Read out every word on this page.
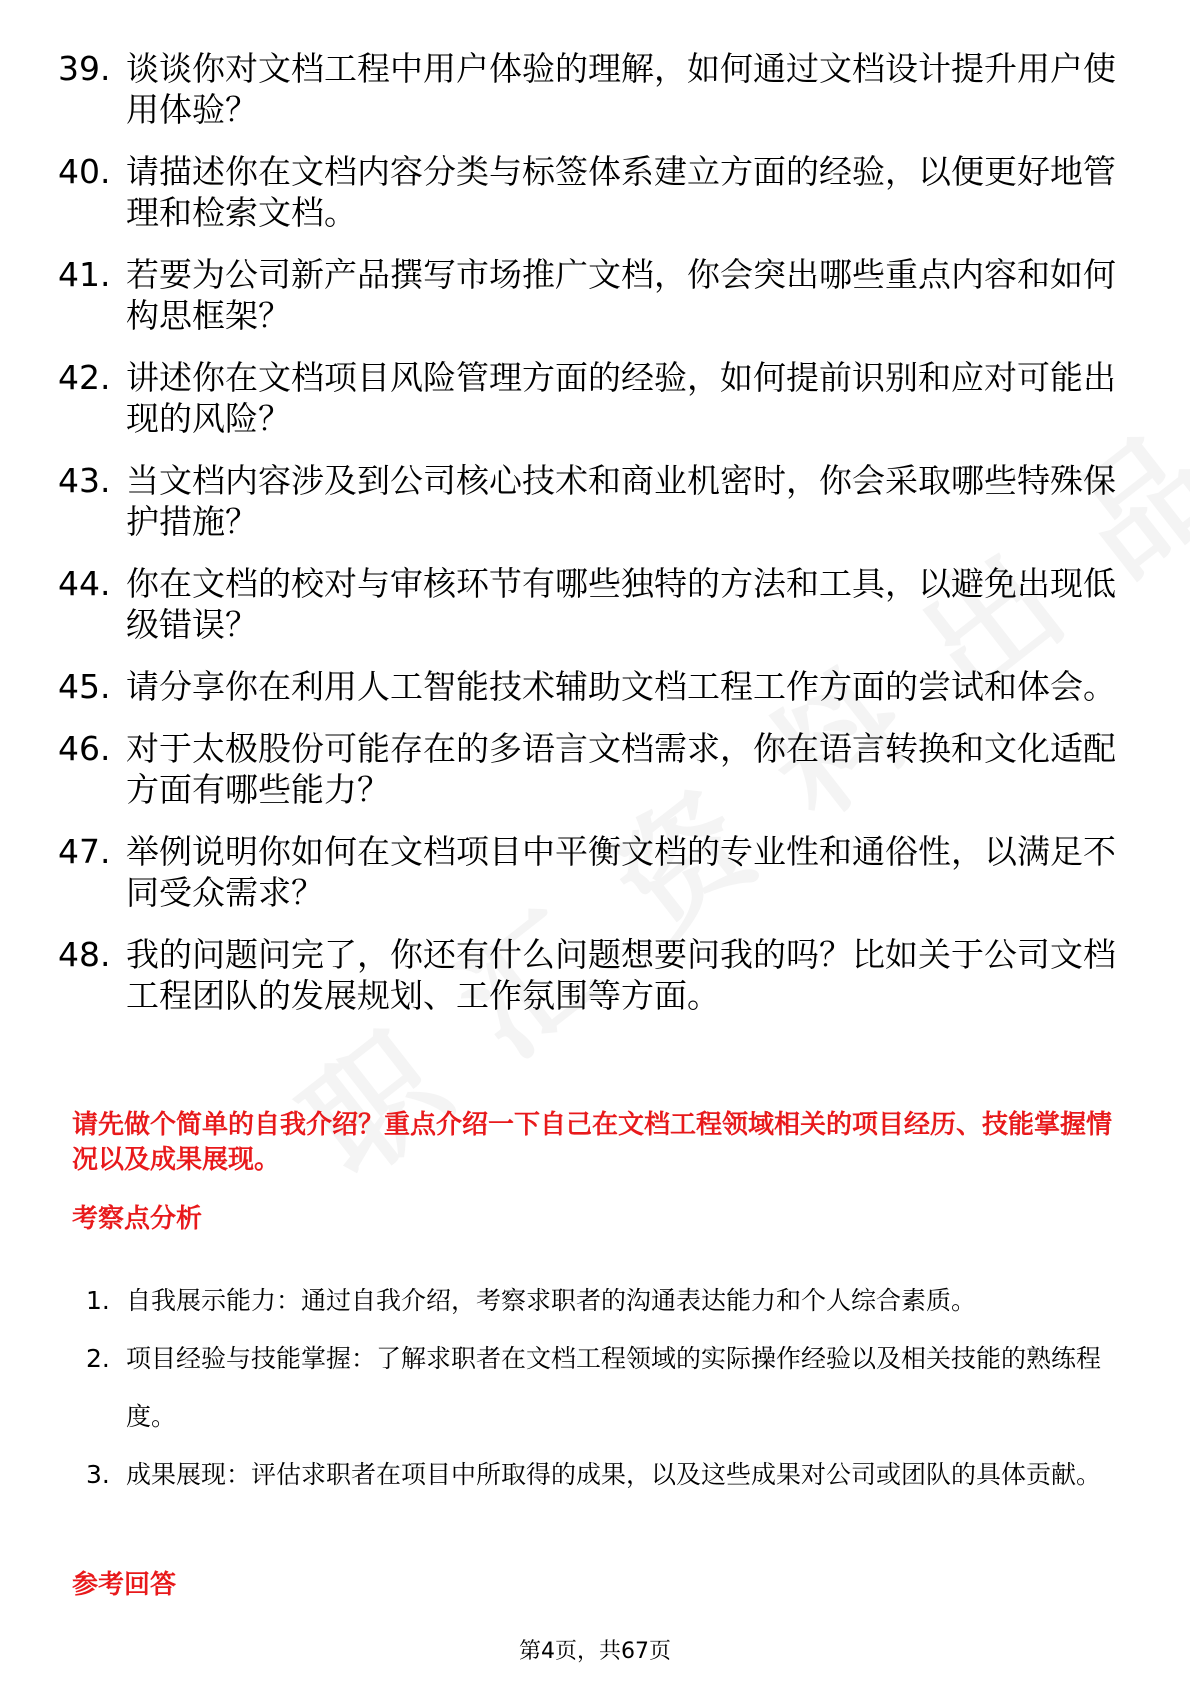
39. 谈谈你对文档工程中用户体验的理解，如何通过文档设计提升用户使用体验？
40. 请描述你在文档内容分类与标签体系建立方面的经验，以便更好地管理和检索文档。
41. 若要为公司新产品撰写市场推广文档，你会突出哪些重点内容和如何构思框架？
42. 讲述你在文档项目风险管理方面的经验，如何提前识别和应对可能出现的风险？
43. 当文档内容涉及到公司核心技术和商业机密时，你会采取哪些特殊保护措施？
44. 你在文档的校对与审核环节有哪些独特的方法和工具，以避免出现低级错误？
45. 请分享你在利用人工智能技术辅助文档工程工作方面的尝试和体会。
46. 对于太极股份可能存在的多语言文档需求，你在语言转换和文化适配方面有哪些能力？
47. 举例说明你如何在文档项目中平衡文档的专业性和通俗性，以满足不同受众需求？
48. 我的问题问完了，你还有什么问题想要问我的吗？比如关于公司文档工程团队的发展规划、工作氛围等方面。

请先做个简单的自我介绍？重点介绍一下自己在文档工程领域相关的项目经历、技能掌握情况以及成果展现。

考察点分析
1. 自我展示能力：通过自我介绍，考察求职者的沟通表达能力和个人综合素质。
2. 项目经验与技能掌握：了解求职者在文档工程领域的实际操作经验以及相关技能的熟练程度。
3. 成果展现：评估求职者在项目中所取得的成果，以及这些成果对公司或团队的具体贡献。
参考回答
第4页，共67页
